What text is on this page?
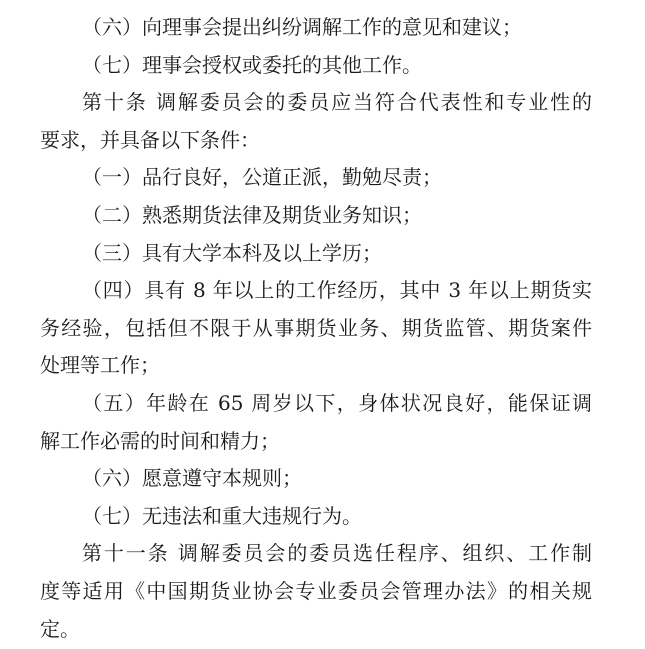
（六）向理事会提出纠纷调解工作的意见和建议；
（七）理事会授权或委托的其他工作。
第十条 调解委员会的委员应当符合代表性和专业性的
要求，并具备以下条件：
（一）品行良好，公道正派，勤勉尽责；
（二）熟悉期货法律及期货业务知识；
（三）具有大学本科及以上学历；
（四）具有 8 年以上的工作经历，其中 3 年以上期货实
务经验，包括但不限于从事期货业务、期货监管、期货案件
处理等工作；
（五）年龄在 65 周岁以下，身体状况良好，能保证调
解工作必需的时间和精力；
（六）愿意遵守本规则；
（七）无违法和重大违规行为。
第十一条 调解委员会的委员选任程序、组织、工作制
度等适用《中国期货业协会专业委员会管理办法》的相关规
定。
